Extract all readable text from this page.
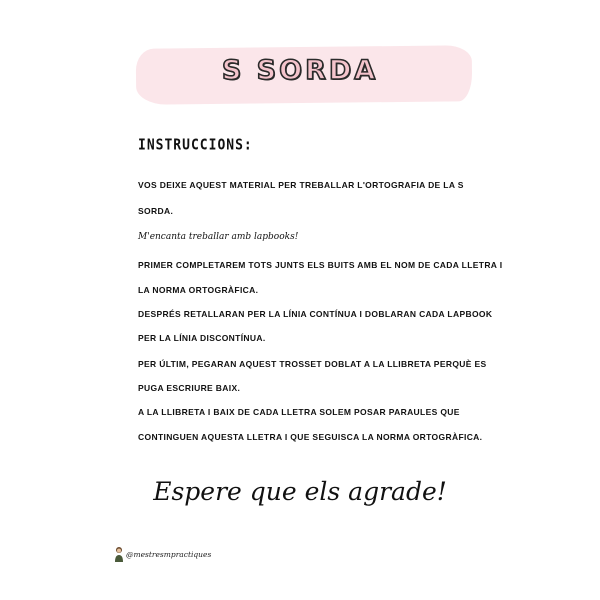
S SORDA
INSTRUCCIONS:
VOS DEIXE AQUEST MATERIAL PER TREBALLAR L'ORTOGRAFIA DE LA S
SORDA.
M'encanta treballar amb lapbooks!
PRIMER COMPLETAREM TOTS JUNTS ELS BUITS AMB EL NOM DE CADA LLETRA I
LA NORMA ORTOGRÀFICA.
DESPRÉS RETALLARAN PER LA LÍNIA CONTÍNUA I DOBLARAN CADA LAPBOOK
PER LA LÍNIA DISCONTÍNUA.
PER ÚLTIM, PEGARAN AQUEST TROSSET DOBLAT A LA LLIBRETA PERQUÈ ES
PUGA ESCRIURE BAIX.
A LA LLIBRETA I BAIX DE CADA LLETRA SOLEM POSAR PARAULES QUE
CONTINGUEN AQUESTA LLETRA I QUE SEGUISCA LA NORMA ORTOGRÀFICA.
Espere que els agrade!
@mestresmpractiques
